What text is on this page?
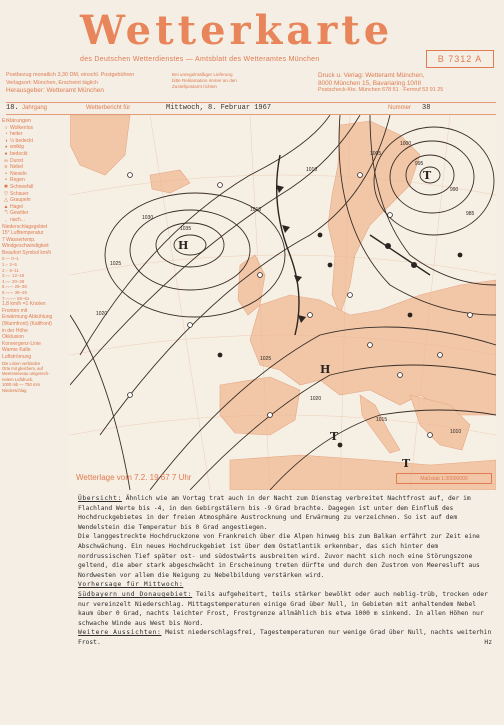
Wetterkarte
des Deutschen Wetterdienstes — Amtsblatt des Wetteramtes München	B 7312 A
Postbezug monatlich 3,30 DM, einschl. Postgebühren
Verlagsort: München, Erscheint täglich
Herausgeber: Wetteramt München
Bei unregelmäßiger Lieferung
bitte Reklamation immer an den
Zustellpostamt richten
Druck u. Verlag: Wetteramt München,
8000 München 15, Bavariaring 10/III
Postscheck-Kto. München 678 51 · Fernruf 53 91 25
18. Jahrgang	Wetterbericht für	Mittwoch, 8. Februar 1967	Nummer 38
Erklärungen
○ Wolkenlos
◔ heiter
◑ ½ bedeckt
◕ wolkig
● bedeckt
∞ Dunst
≡ Nebel
• Nieseln
• Regen
✱ Schneefall
▽ Schauer
△ Graupeln
▲ Hagel
ℸ Gewitter
, nach...
Niederschlagsgebiet
15° Lufttemperatur
7 Wassertemp.
Windgeschwindigkeit
Beaufort Symbol km/h
0 — 0–1
1 ⌐ 2–5
2 ⌐ 6–11
3 ⌐⌐ 12–19
4 ⌐⌐ 20–28
5 ⌐⌐⌐ 29–38
6 ⌐⌐⌐ 39–49
7 ⌐⌐⌐⌐ 50–61
1,8 km/h =1 Knoten
Fronten mit
Erwärmung Abkühlung
(Warmfront) (Kaltfront)
in der Höhe
Okklusion
Konvergenz-Linie
Warme Kalte
Luftströmung
Die Linien verbinden
Orte mit gleichem, auf
Meeresniveau umgerech-
netem Luftdruck.
1000 mb — 750 mm
Niederschlag
H
H
T
T
T
1035
1030
1025
1020
1015
1010
1005
1000
995
990
985
1025
1020
1015
1010
Wetterlage vom 7.2. 19 67 7 Uhr	Maßstab 1:30000000

Übersicht: Ähnlich wie am Vortag trat auch in der Nacht zum Dienstag verbreitet Nachtfrost auf, der im Flachland Werte bis -4, in den Gebirgstälern bis -9 Grad brachte. Dagegen ist unter dem Einfluß des Hochdruckgebietes in der freien Atmosphäre Austrocknung und Erwärmung zu verzeichnen. So ist auf dem Wendelstein die Temperatur bis 0 Grad angestiegen.

Die langgestreckte Hochdruckzone von Frankreich über die Alpen hinweg bis zum Balkan erfährt zur Zeit eine Abschwächung. Ein neues Hochdruckgebiet ist über dem Ostatlantik erkennbar, das sich hinter dem nordrussischen Tief später ost- und südostwärts ausbreiten wird. Zuvor macht sich noch eine Störungszone geltend, die aber stark abgeschwächt in Erscheinung treten dürfte und durch den Zustrom von Meeresluft aus Nordwesten vor allem die Neigung zu Nebelbildung verstärken wird.

Vorhersage für Mittwoch:

Südbayern und Donaugebiet: Teils aufgeheitert, teils stärker bewölkt oder auch neblig-trüb, trocken oder nur vereinzelt Niederschlag. Mittagstemperaturen einige Grad über Null, in Gebieten mit anhaltendem Nebel kaum über 0 Grad, nachts leichter Frost, Frostgrenze allmählich bis etwa 1000 m sinkend. In allen Höhen nur schwache Winde aus West bis Nord.

Weitere Aussichten: Meist niederschlagsfrei, Tagestemperaturen nur wenige Grad über Null, nachts weiterhin Frost.	Hz
